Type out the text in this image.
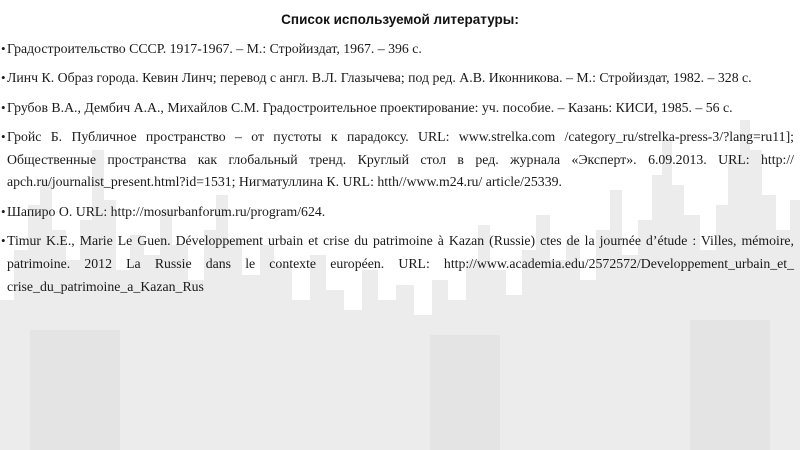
Список используемой литературы:
• Градостроительство СССР. 1917-1967. – М.: Стройиздат, 1967. – 396 с.
• Линч К. Образ города. Кевин Линч; перевод с англ. В.Л. Глазычева; под ред. А.В. Иконникова. – М.: Стройиздат, 1982. – 328 с.
• Грубов В.А., Дембич А.А., Михайлов С.М. Градостроительное проектирование: уч. пособие. – Казань: КИСИ, 1985. – 56 с.
• Гройс Б. Публичное пространство – от пустоты к парадоксу. URL: www.strelka.com /category_ru/strelka-press-3/?lang=ru11]; Общественные пространства как глобальный тренд. Круглый стол в ред. журнала «Эксперт». 6.09.2013. URL: http:// apch.ru/journalist_present.html?id=1531; Нигматуллина К. URL: htth//www.m24.ru/ article/25339.
• Шапиро О. URL: http://mosurbanforum.ru/program/624.
• Timur K.E., Marie Le Guen. Développement urbain et crise du patrimoine à Kazan (Russie) ctes de la journée d’étude : Villes, mémoire, patrimoine. 2012 La Russie dans le contexte européen. URL: http://www.academia.edu/2572572/Developpement_urbain_et_ crise_du_patrimoine_a_Kazan_Rus
